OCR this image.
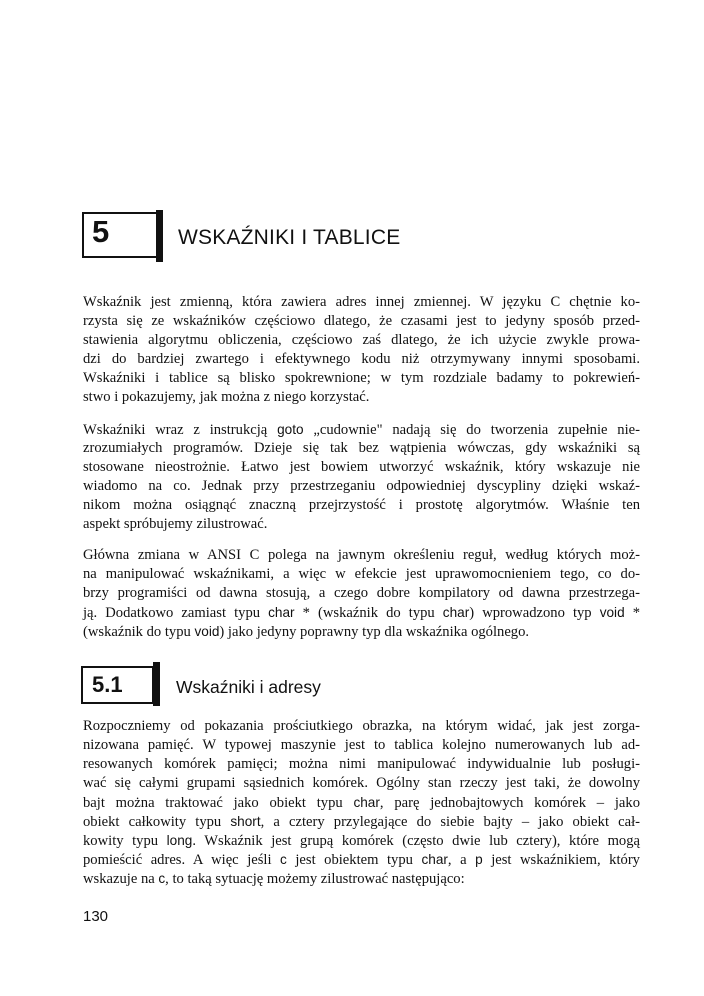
5	WSKAŹNIKI I TABLICE
Wskaźnik jest zmienną, która zawiera adres innej zmiennej. W języku C chętnie ko-
rzysta się ze wskaźników częściowo dlatego, że czasami jest to jedyny sposób przed-
stawienia algorytmu obliczenia, częściowo zaś dlatego, że ich użycie zwykle prowa-
dzi do bardziej zwartego i efektywnego kodu niż otrzymywany innymi sposobami.
Wskaźniki i tablice są blisko spokrewnione; w tym rozdziale badamy to pokrewień-
stwo i pokazujemy, jak można z niego korzystać.
Wskaźniki wraz z instrukcją goto „cudownie" nadają się do tworzenia zupełnie nie-
zrozumiałych programów. Dzieje się tak bez wątpienia wówczas, gdy wskaźniki są
stosowane nieostrożnie. Łatwo jest bowiem utworzyć wskaźnik, który wskazuje nie
wiadomo na co. Jednak przy przestrzeganiu odpowiedniej dyscypliny dzięki wskaź-
nikom można osiągnąć znaczną przejrzystość i prostotę algorytmów. Właśnie ten
aspekt spróbujemy zilustrować.
Główna zmiana w ANSI C polega na jawnym określeniu reguł, według których moż-
na manipulować wskaźnikami, a więc w efekcie jest uprawomocnieniem tego, co do-
brzy programiści od dawna stosują, a czego dobre kompilatory od dawna przestrzega-
ją. Dodatkowo zamiast typu char * (wskaźnik do typu char) wprowadzono typ void *
(wskaźnik do typu void) jako jedyny poprawny typ dla wskaźnika ogólnego.
5.1	Wskaźniki i adresy
Rozpoczniemy od pokazania prościutkiego obrazka, na którym widać, jak jest zorga-
nizowana pamięć. W typowej maszynie jest to tablica kolejno numerowanych lub ad-
resowanych komórek pamięci; można nimi manipulować indywidualnie lub posługi-
wać się całymi grupami sąsiednich komórek. Ogólny stan rzeczy jest taki, że dowolny
bajt można traktować jako obiekt typu char, parę jednobajtowych komórek – jako
obiekt całkowity typu short, a cztery przylegające do siebie bajty – jako obiekt cał-
kowity typu long. Wskaźnik jest grupą komórek (często dwie lub cztery), które mogą
pomieścić adres. A więc jeśli c jest obiektem typu char, a p jest wskaźnikiem, który
wskazuje na c, to taką sytuację możemy zilustrować następująco:
130
